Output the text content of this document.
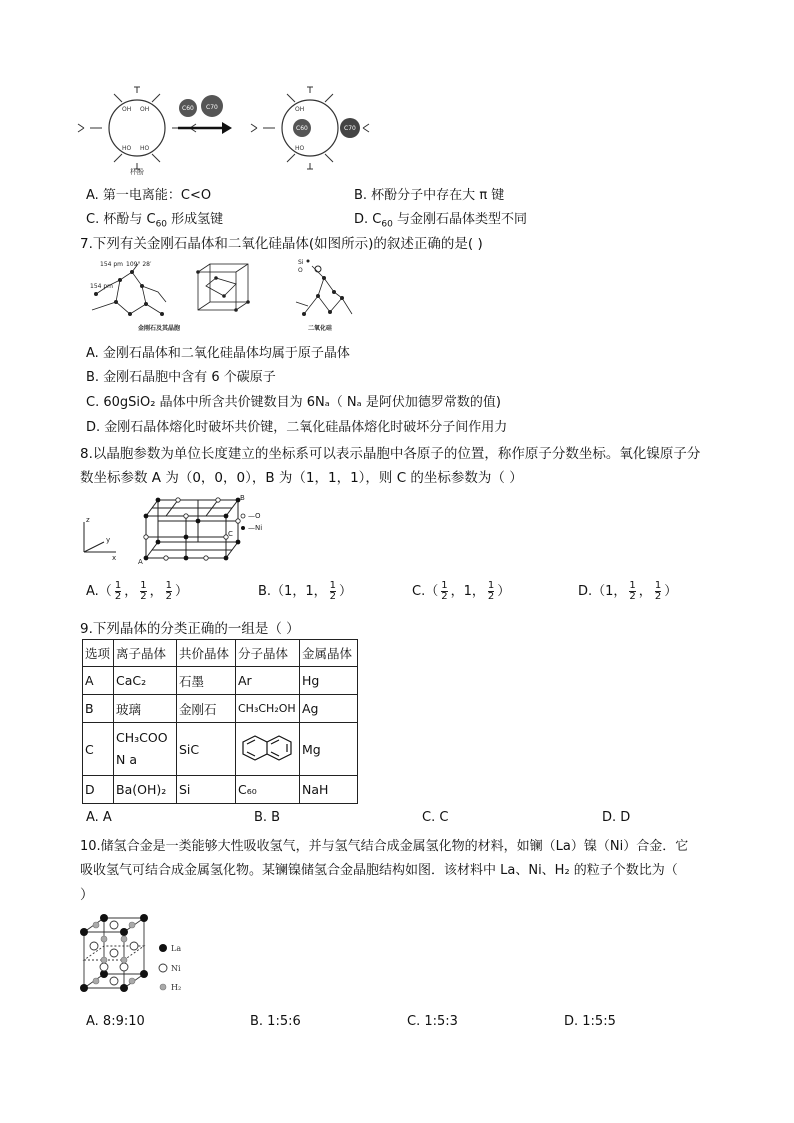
OH OH
HO HO
OH
HO
杯酚
C60 C70
C60	C70
A. 第一电离能：C<O	B. 杯酚分子中存在大 π 键
C. 杯酚与 $C_{60}$ 形成氢键	D. $C_{60}$ 与金刚石晶体类型不同
7.下列有关金刚石晶体和二氧化硅晶体(如图所示)的叙述正确的是( )
154 pm 109° 28′
154 pm
金刚石及其晶胞	二氧化硅
Si
O
A. 金刚石晶体和二氧化硅晶体均属于原子晶体
B. 金刚石晶胞中含有 6 个碳原子
C. 60gSiO₂ 晶体中所含共价键数目为 6Nₐ（ Nₐ 是阿伏加德罗常数的值)
D. 金刚石晶体熔化时破坏共价键，二氧化硅晶体熔化时破坏分子间作用力
8.以晶胞参数为单位长度建立的坐标系可以表示晶胞中各原子的位置，称作原子分数坐标。氧化镍原子分
数坐标参数 A 为（0，0，0），B 为（1，1，1），则 C 的坐标参数为（ ）
z
y
x	A
B
C
—O
—Ni
$A.( \frac{1}{2}$ ， $\frac{1}{2}$ ， $\frac{1}{2}$ ）	B.（1，1， $\frac{1}{2}$ ）	$C.( \frac{1}{2}$ ，1， $\frac{1}{2}$ ）	D.（1， $\frac{1}{2}$ ， $\frac{1}{2}$ ）
9.下列晶体的分类正确的一组是（ ）
选项	离子晶体	共价晶体	分子晶体	金属晶体
A	CaC₂	石墨	Ar	Hg
B	玻璃	金刚石	CH₃CH₂OH	Ag
C	CH₃COON a	SiC		Mg
D	Ba(OH)₂	Si	C₆₀	NaH
A. A	B. B	C. C	D. D
10.储氢合金是一类能够大性吸收氢气，并与氢气结合成金属氢化物的材料，如镧（La）镍（Ni）合金．它
吸收氢气可结合成金属氢化物。某镧镍储氢合金晶胞结构如图．该材料中 La、Ni、H₂ 的粒子个数比为（
）
La
Ni
H₂
A. 8:9:10	B. 1:5:6	C. 1:5:3	D. 1:5:5
